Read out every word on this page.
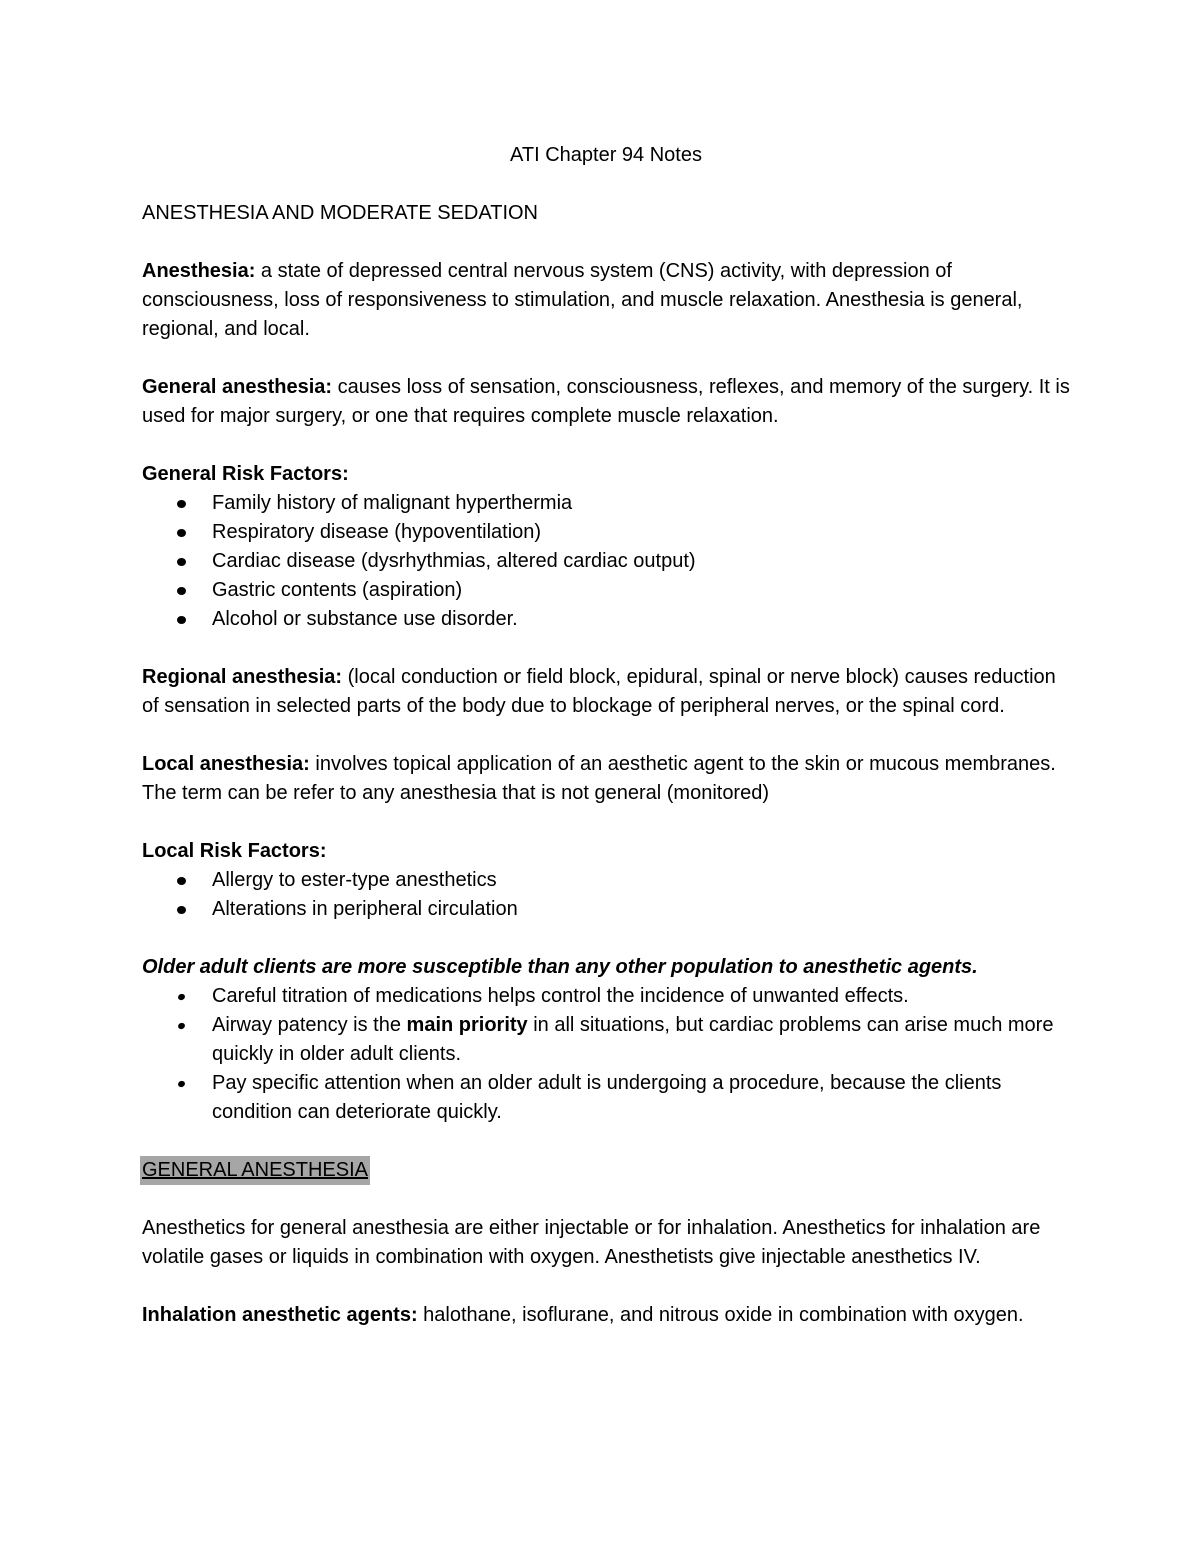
ATI Chapter 94 Notes
ANESTHESIA AND MODERATE SEDATION

Anesthesia: a state of depressed central nervous system (CNS) activity, with depression of consciousness, loss of responsiveness to stimulation, and muscle relaxation. Anesthesia is general, regional, and local.

General anesthesia: causes loss of sensation, consciousness, reflexes, and memory of the surgery. It is used for major surgery, or one that requires complete muscle relaxation.

General Risk Factors:
Family history of malignant hyperthermia
Respiratory disease (hypoventilation)
Cardiac disease (dysrhythmias, altered cardiac output)
Gastric contents (aspiration)
Alcohol or substance use disorder.

Regional anesthesia: (local conduction or field block, epidural, spinal or nerve block) causes reduction of sensation in selected parts of the body due to blockage of peripheral nerves, or the spinal cord.

Local anesthesia: involves topical application of an aesthetic agent to the skin or mucous membranes. The term can be refer to any anesthesia that is not general (monitored)

Local Risk Factors:
Allergy to ester-type anesthetics
Alterations in peripheral circulation
Older adult clients are more susceptible than any other population to anesthetic agents.
Careful titration of medications helps control the incidence of unwanted effects.
Airway patency is the main priority in all situations, but cardiac problems can arise much more quickly in older adult clients.
Pay specific attention when an older adult is undergoing a procedure, because the clients condition can deteriorate quickly.

GENERAL ANESTHESIA

Anesthetics for general anesthesia are either injectable or for inhalation. Anesthetics for inhalation are volatile gases or liquids in combination with oxygen. Anesthetists give injectable anesthetics IV.

Inhalation anesthetic agents: halothane, isoflurane, and nitrous oxide in combination with oxygen.
